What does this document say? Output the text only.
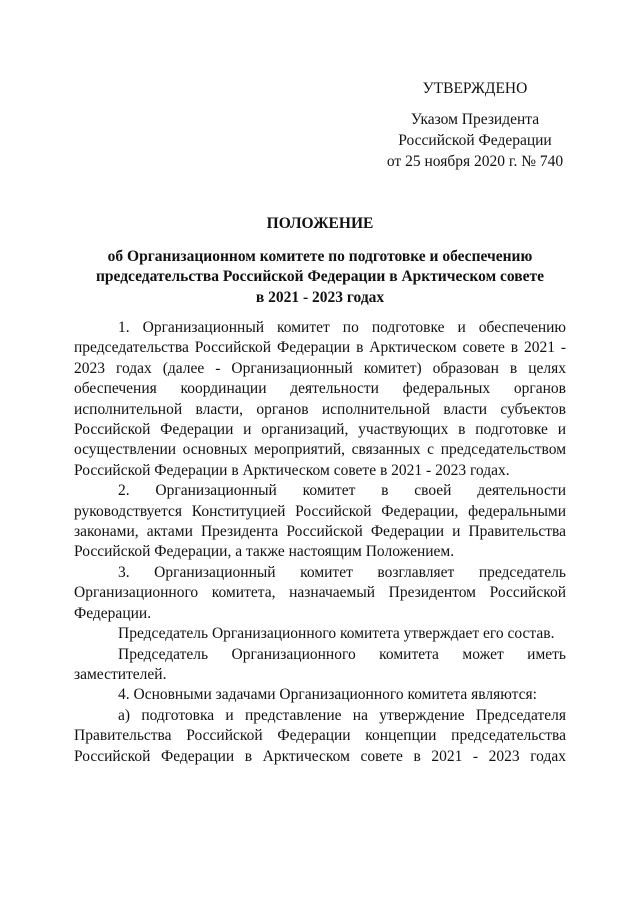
УТВЕРЖДЕНО
Указом Президента
Российской Федерации
от 25 ноября 2020 г. № 740
ПОЛОЖЕНИЕ
об Организационном комитете по подготовке и обеспечению
председательства Российской Федерации в Арктическом совете
в 2021 - 2023 годах

1. Организационный комитет по подготовке и обеспечению председательства Российской Федерации в Арктическом совете в 2021 - 2023 годах (далее - Организационный комитет) образован в целях обеспечения координации деятельности федеральных органов исполнительной власти, органов исполнительной власти субъектов Российской Федерации и организаций, участвующих в подготовке и осуществлении основных мероприятий, связанных с председательством Российской Федерации в Арктическом совете в 2021 - 2023 годах.

2. Организационный комитет в своей деятельности руководствуется Конституцией Российской Федерации, федеральными законами, актами Президента Российской Федерации и Правительства Российской Федерации, а также настоящим Положением.

3. Организационный комитет возглавляет председатель Организационного комитета, назначаемый Президентом Российской Федерации.

Председатель Организационного комитета утверждает его состав.

Председатель Организационного комитета может иметь заместителей.

4. Основными задачами Организационного комитета являются:

а) подготовка и представление на утверждение Председателя Правительства Российской Федерации концепции председательства Российской Федерации в Арктическом совете в 2021 - 2023 годах
